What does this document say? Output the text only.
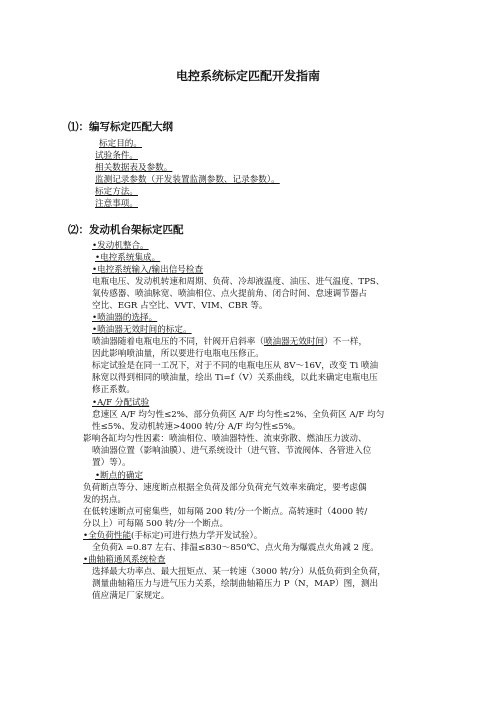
电控系统标定匹配开发指南
⑴：编写标定匹配大纲
标定目的。
试验条件。
相关数据表及参数。
监测记录参数（开发装置监测参数、记录参数）。
标定方法。
注意事项。
⑵：发动机台架标定匹配
•发动机整合。
•电控系统集成。
•电控系统输入/输出信号检查
电瓶电压、发动机转速和周期、负荷、冷却液温度、油压、进气温度、TPS、
氧传感器、喷油脉宽、喷油相位、点火提前角、闭合时间、怠速调节器占
空比、EGR 占空比、VVT、VIM、CBR 等。
•喷油器的选择。
•喷油器无效时间的标定。
喷油器随着电瓶电压的不同，针阀开启斜率（喷油器无效时间）不一样，
因此影响喷油量，所以要进行电瓶电压修正。
标定试验是在同一工况下，对于不同的电瓶电压从 8V～16V，改变 Ti 喷油
脉宽以得到相同的喷油量，绘出 Ti=f（V）关系曲线，以此来确定电瓶电压
修正系数。
•A/F 分配试验
怠速区 A/F 均匀性≤2%、部分负荷区 A/F 均匀性≤2%、全负荷区 A/F 均匀
性≤5%、发动机转速>4000 转/分 A/F 均匀性≤5%。
影响各缸均匀性因素：喷油相位、喷油器特性、流束弥散、燃油压力波动、
喷油器位置（影响油膜）、进气系统设计（进气管、节流阀体、各管进入位
置）等）。
•断点的确定
负荷断点等分、速度断点根据全负荷及部分负荷充气效率来确定，要考虑偶
发的拐点。
在低转速断点可密集些，如每隔 200 转/分一个断点。高转速时（4000 转/
分以上）可每隔 500 转/分一个断点。
•全负荷性能(手标定)可进行热力学开发试验）。
全负荷λ =0.87 左右、排温≤830～850℃、点火角为爆震点火角减 2 度。
•曲轴箱通风系统检查
选择最大功率点、最大扭矩点、某一转速（3000 转/分）从低负荷到全负荷，
测量曲轴箱压力与进气压力关系，绘制曲轴箱压力 P（N，MAP）图，测出
值应满足厂家规定。
